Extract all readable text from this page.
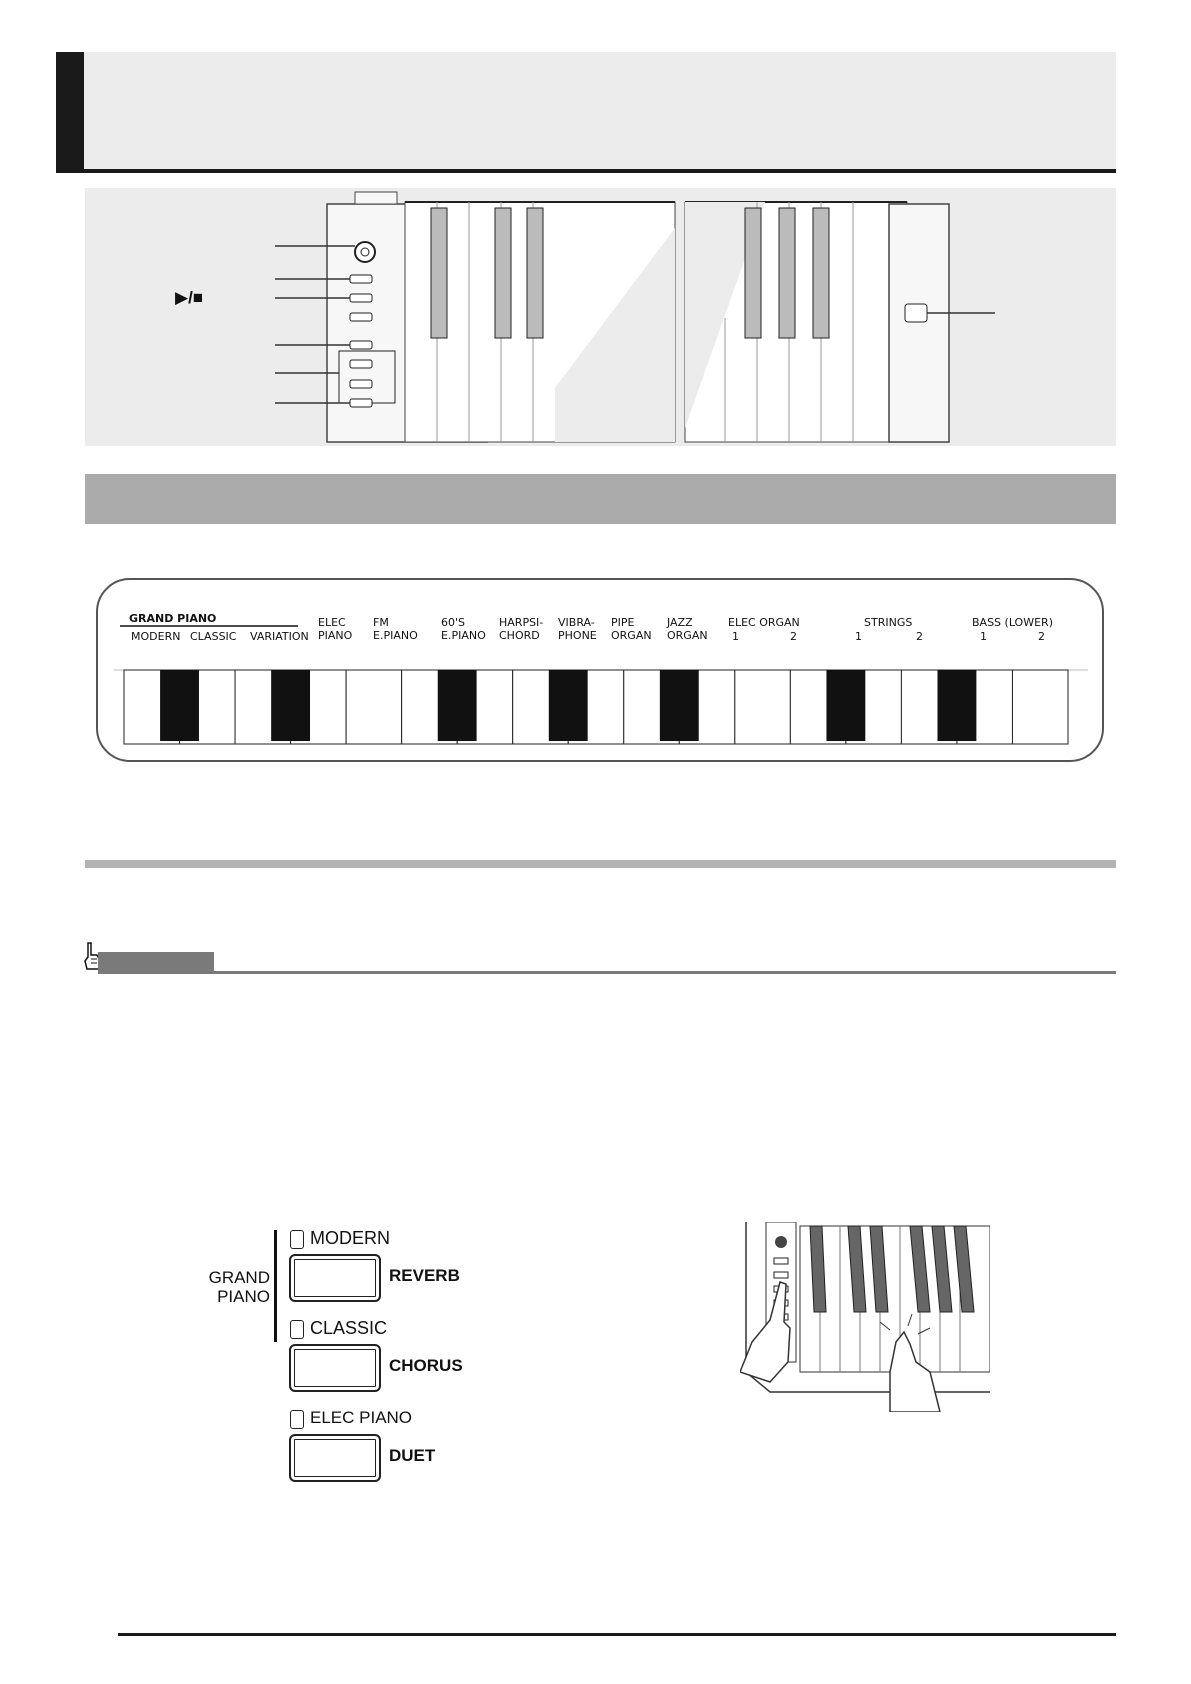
▶/■
GRAND PIANO
MODERN CLASSIC VARIATION
ELEC
PIANO
FM
E.PIANO
60'S
E.PIANO
HARPSI-
CHORD
VIBRA-
PHONE
PIPE
ORGAN
JAZZ
ORGAN
ELEC ORGAN
1	2
STRINGS
1	2
BASS (LOWER)
1	2
GRAND
PIANO
MODERN
REVERB
CLASSIC
CHORUS
ELEC PIANO
DUET
